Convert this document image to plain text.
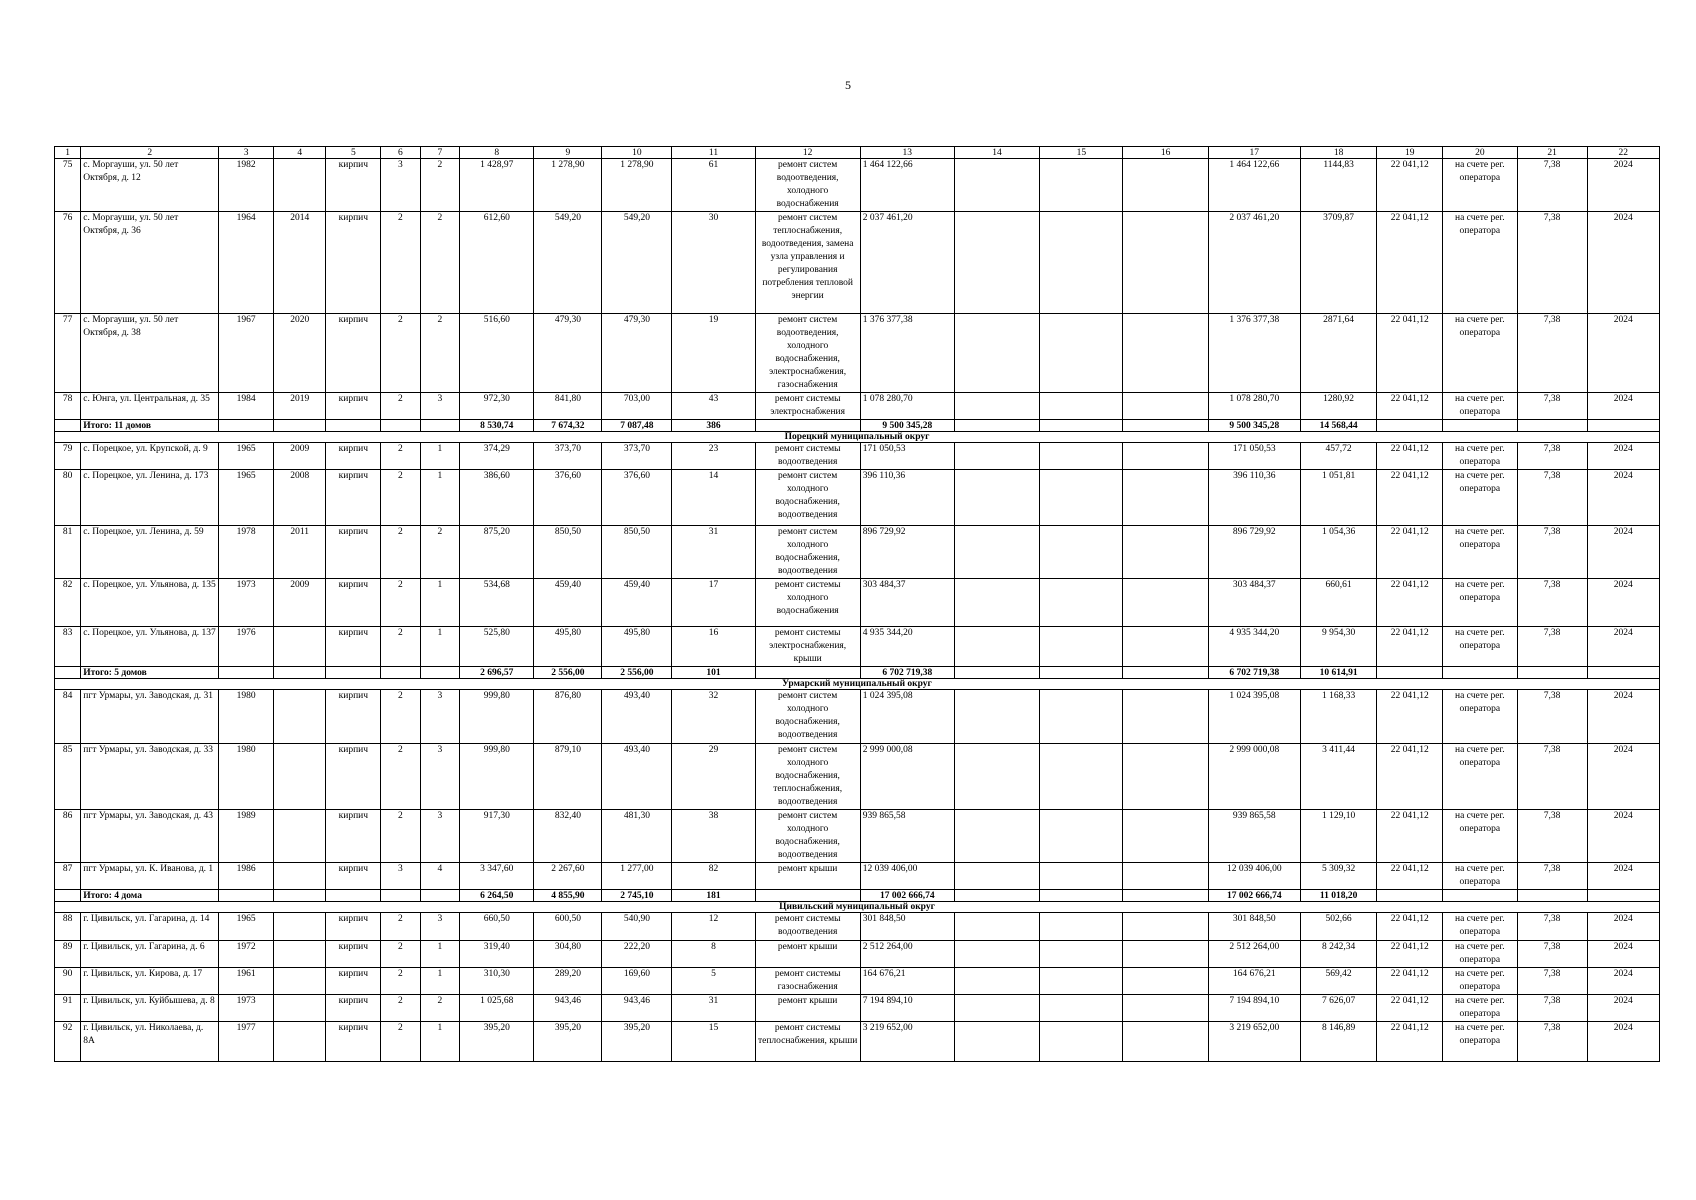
5
1	2	3	4	5	6	7	8	9	10	11	12	13	14	15	16	17	18	19	20	21	22
75	с. Моргауши, ул. 50 лет Октября, д. 12	1982		кирпич	3	2	1 428,97	1 278,90	1 278,90	61	ремонт систем водоотведения, холодного водоснабжения	1 464 122,66				1 464 122,66	1144,83	22 041,12	на счете рег. оператора	7,38	2024
76	с. Моргауши, ул. 50 лет Октября, д. 36	1964	2014	кирпич	2	2	612,60	549,20	549,20	30	ремонт систем теплоснабжения, водоотведения, замена узла управления и регулирования потребления тепловой энергии	2 037 461,20				2 037 461,20	3709,87	22 041,12	на счете рег. оператора	7,38	2024
77	с. Моргауши, ул. 50 лет Октября, д. 38	1967	2020	кирпич	2	2	516,60	479,30	479,30	19	ремонт систем водоотведения, холодного водоснабжения, электроснабжения, газоснабжения	1 376 377,38				1 376 377,38	2871,64	22 041,12	на счете рег. оператора	7,38	2024
78	с. Юнга, ул. Центральная, д. 35	1984	2019	кирпич	2	3	972,30	841,80	703,00	43	ремонт системы электроснабжения	1 078 280,70				1 078 280,70	1280,92	22 041,12	на счете рег. оператора	7,38	2024
	Итого: 11 домов						8 530,74	7 674,32	7 087,48	386		9 500 345,28				9 500 345,28	14 568,44				
Порецкий муниципальный округ																					
79	с. Порецкое, ул. Крупской, д. 9	1965	2009	кирпич	2	1	374,29	373,70	373,70	23	ремонт системы водоотведения	171 050,53				171 050,53	457,72	22 041,12	на счете рег. оператора	7,38	2024
80	с. Порецкое, ул. Ленина, д. 173	1965	2008	кирпич	2	1	386,60	376,60	376,60	14	ремонт систем холодного водоснабжения, водоотведения	396 110,36				396 110,36	1 051,81	22 041,12	на счете рег. оператора	7,38	2024
81	с. Порецкое, ул. Ленина, д. 59	1978	2011	кирпич	2	2	875,20	850,50	850,50	31	ремонт систем холодного водоснабжения, водоотведения	896 729,92				896 729,92	1 054,36	22 041,12	на счете рег. оператора	7,38	2024
82	с. Порецкое, ул. Ульянова, д. 135	1973	2009	кирпич	2	1	534,68	459,40	459,40	17	ремонт системы холодного водоснабжения	303 484,37				303 484,37	660,61	22 041,12	на счете рег. оператора	7,38	2024
83	с. Порецкое, ул. Ульянова, д. 137	1976		кирпич	2	1	525,80	495,80	495,80	16	ремонт системы электроснабжения, крыши	4 935 344,20				4 935 344,20	9 954,30	22 041,12	на счете рег. оператора	7,38	2024
	Итого: 5 домов						2 696,57	2 556,00	2 556,00	101		6 702 719,38				6 702 719,38	10 614,91				
Урмарский муниципальный округ																					
84	пгт Урмары, ул. Заводская, д. 31	1980		кирпич	2	3	999,80	876,80	493,40	32	ремонт систем холодного водоснабжения, водоотведения	1 024 395,08				1 024 395,08	1 168,33	22 041,12	на счете рег. оператора	7,38	2024
85	пгт Урмары, ул. Заводская, д. 33	1980		кирпич	2	3	999,80	879,10	493,40	29	ремонт систем холодного водоснабжения, теплоснабжения, водоотведения	2 999 000,08				2 999 000,08	3 411,44	22 041,12	на счете рег. оператора	7,38	2024
86	пгт Урмары, ул. Заводская, д. 43	1989		кирпич	2	3	917,30	832,40	481,30	38	ремонт систем холодного водоснабжения, водоотведения	939 865,58				939 865,58	1 129,10	22 041,12	на счете рег. оператора	7,38	2024
87	пгт Урмары, ул. К. Иванова, д. 1	1986		кирпич	3	4	3 347,60	2 267,60	1 277,00	82	ремонт крыши	12 039 406,00				12 039 406,00	5 309,32	22 041,12	на счете рег. оператора	7,38	2024
	Итого: 4 дома						6 264,50	4 855,90	2 745,10	181		17 002 666,74				17 002 666,74	11 018,20				
Цивильский муниципальный округ																					
88	г. Цивильск, ул. Гагарина, д. 14	1965		кирпич	2	3	660,50	600,50	540,90	12	ремонт системы водоотведения	301 848,50				301 848,50	502,66	22 041,12	на счете рег. оператора	7,38	2024
89	г. Цивильск, ул. Гагарина, д. 6	1972		кирпич	2	1	319,40	304,80	222,20	8	ремонт крыши	2 512 264,00				2 512 264,00	8 242,34	22 041,12	на счете рег. оператора	7,38	2024
90	г. Цивильск, ул. Кирова, д. 17	1961		кирпич	2	1	310,30	289,20	169,60	5	ремонт системы газоснабжения	164 676,21				164 676,21	569,42	22 041,12	на счете рег. оператора	7,38	2024
91	г. Цивильск, ул. Куйбышева, д. 8	1973		кирпич	2	2	1 025,68	943,46	943,46	31	ремонт крыши	7 194 894,10				7 194 894,10	7 626,07	22 041,12	на счете рег. оператора	7,38	2024
92	г. Цивильск, ул. Николаева, д. 8А	1977		кирпич	2	1	395,20	395,20	395,20	15	ремонт системы теплоснабжения, крыши	3 219 652,00				3 219 652,00	8 146,89	22 041,12	на счете рег. оператора	7,38	2024
